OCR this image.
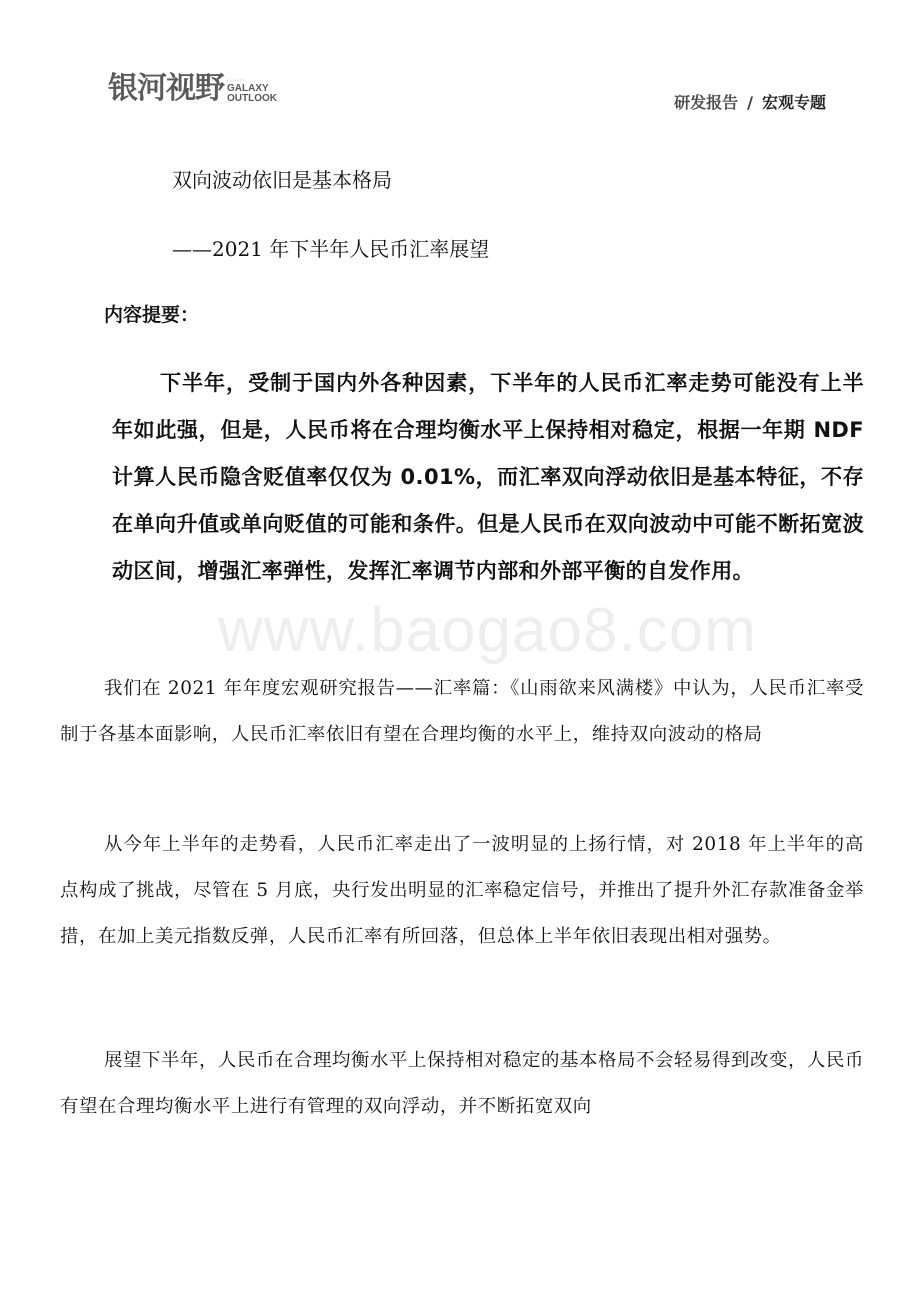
银河视野 ·· ····
GALAXY
OUTLOOK	研发报告 / 宏观专题
双向波动依旧是基本格局
——2021 年下半年人民币汇率展望
内容提要：

下半年，受制于国内外各种因素，下半年的人民币汇率走势可能没有上半年如此强，但是，人民币将在合理均衡水平上保持相对稳定，根据一年期 NDF 计算人民币隐含贬值率仅仅为 0.01%，而汇率双向浮动依旧是基本特征，不存在单向升值或单向贬值的可能和条件。但是人民币在双向波动中可能不断拓宽波动区间，增强汇率弹性，发挥汇率调节内部和外部平衡的自发作用。

www.baogao8.com

我们在 2021 年年度宏观研究报告——汇率篇：《山雨欲来风满楼》中认为，人民币汇率受制于各基本面影响，人民币汇率依旧有望在合理均衡的水平上，维持双向波动的格局

从今年上半年的走势看，人民币汇率走出了一波明显的上扬行情，对 2018 年上半年的高点构成了挑战，尽管在 5 月底，央行发出明显的汇率稳定信号，并推出了提升外汇存款准备金举措，在加上美元指数反弹，人民币汇率有所回落，但总体上半年依旧表现出相对强势。

展望下半年，人民币在合理均衡水平上保持相对稳定的基本格局不会轻易得到改变，人民币有望在合理均衡水平上进行有管理的双向浮动，并不断拓宽双向
